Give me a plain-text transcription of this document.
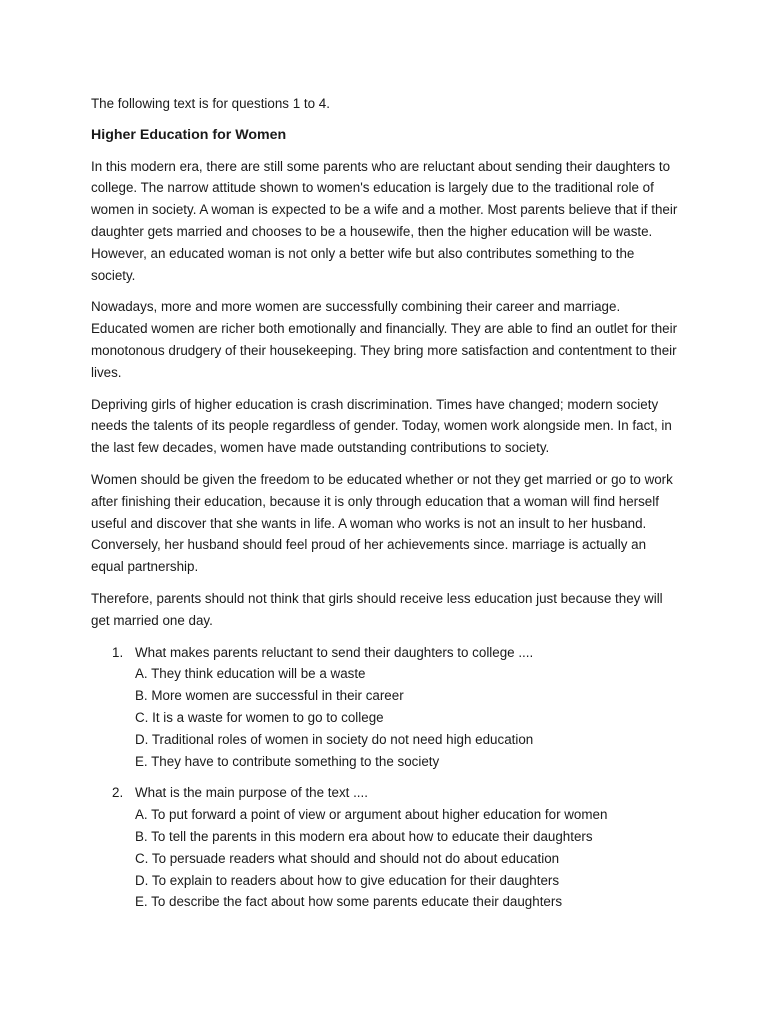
The following text is for questions 1 to 4.

Higher Education for Women

In this modern era, there are still some parents who are reluctant about sending their daughters to college. The narrow attitude shown to women's education is largely due to the traditional role of women in society. A woman is expected to be a wife and a mother. Most parents believe that if their daughter gets married and chooses to be a housewife, then the higher education will be waste. However, an educated woman is not only a better wife but also contributes something to the society.

Nowadays, more and more women are successfully combining their career and marriage. Educated women are richer both emotionally and financially. They are able to find an outlet for their monotonous drudgery of their housekeeping. They bring more satisfaction and contentment to their lives.

Depriving girls of higher education is crash discrimination. Times have changed; modern society needs the talents of its people regardless of gender. Today, women work alongside men. In fact, in the last few decades, women have made outstanding contributions to society.

Women should be given the freedom to be educated whether or not they get married or go to work after finishing their education, because it is only through education that a woman will find herself useful and discover that she wants in life. A woman who works is not an insult to her husband. Conversely, her husband should feel proud of her achievements since. marriage is actually an equal partnership.

Therefore, parents should not think that girls should receive less education just because they will get married one day.

1. What makes parents reluctant to send their daughters to college ....
A. They think education will be a waste
B. More women are successful in their career
C. It is a waste for women to go to college
D. Traditional roles of women in society do not need high education
E. They have to contribute something to the society
2. What is the main purpose of the text ....
A. To put forward a point of view or argument about higher education for women
B. To tell the parents in this modern era about how to educate their daughters
C. To persuade readers what should and should not do about education
D. To explain to readers about how to give education for their daughters
E. To describe the fact about how some parents educate their daughters
